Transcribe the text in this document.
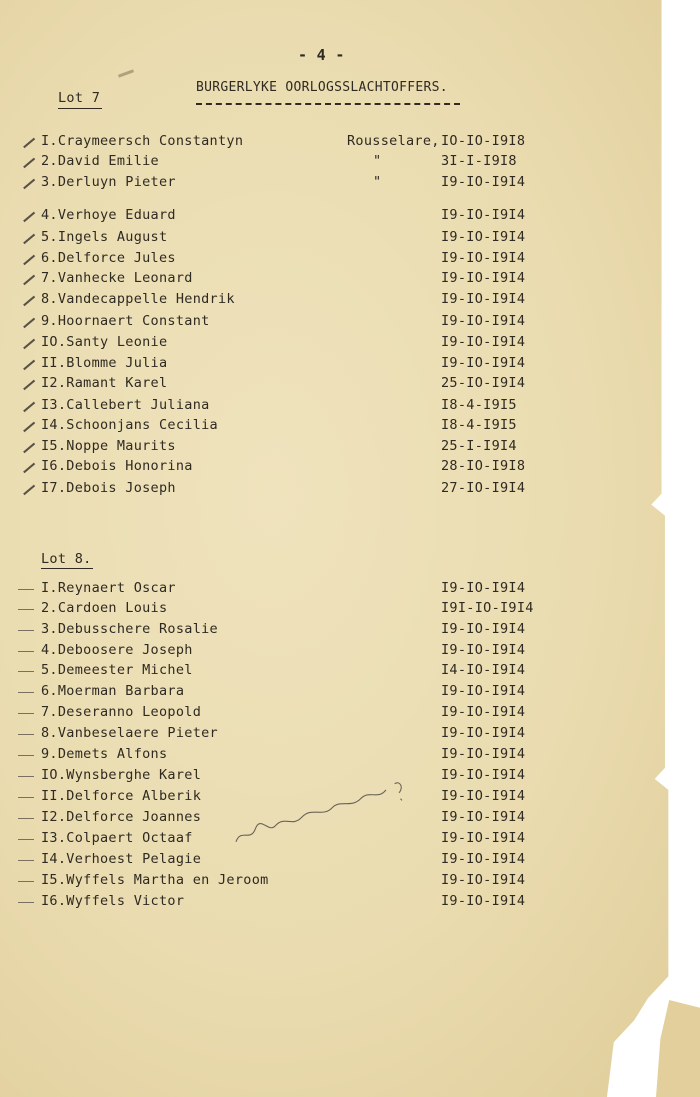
- 4 -
BURGERLYKE OORLOGSSLACHTOFFERS.
Lot 7
I.Craymeersch Constantyn	Rousselare, IO-IO-I9I8
2.David Emilie	"	3I-I-I9I8
3.Derluyn Pieter	"	I9-IO-I9I4
4.Verhoye Eduard	I9-IO-I9I4
5.Ingels August	I9-IO-I9I4
6.Delforce Jules	I9-IO-I9I4
7.Vanhecke Leonard	I9-IO-I9I4
8.Vandecappelle Hendrik	I9-IO-I9I4
9.Hoornaert Constant	I9-IO-I9I4
IO.Santy Leonie	I9-IO-I9I4
II.Blomme Julia	I9-IO-I9I4
I2.Ramant Karel	25-IO-I9I4
I3.Callebert Juliana	I8-4-I9I5
I4.Schoonjans Cecilia	I8-4-I9I5
I5.Noppe Maurits	25-I-I9I4
I6.Debois Honorina	28-IO-I9I8
I7.Debois Joseph	27-IO-I9I4
Lot 8.
I.Reynaert Oscar	I9-IO-I9I4
2.Cardoen Louis	I9I-IO-I9I4
3.Debusschere Rosalie	I9-IO-I9I4
4.Deboosere Joseph	I9-IO-I9I4
5.Demeester Michel	I4-IO-I9I4
6.Moerman Barbara	I9-IO-I9I4
7.Deseranno Leopold	I9-IO-I9I4
8.Vanbeselaere Pieter	I9-IO-I9I4
9.Demets Alfons	I9-IO-I9I4
IO.Wynsberghe Karel	I9-IO-I9I4
II.Delforce Alberik	I9-IO-I9I4
I2.Delforce Joannes	I9-IO-I9I4
I3.Colpaert Octaaf	I9-IO-I9I4
I4.Verhoest Pelagie	I9-IO-I9I4
I5.Wyffels Martha en Jeroom	I9-IO-I9I4
I6.Wyffels Victor	I9-IO-I9I4
